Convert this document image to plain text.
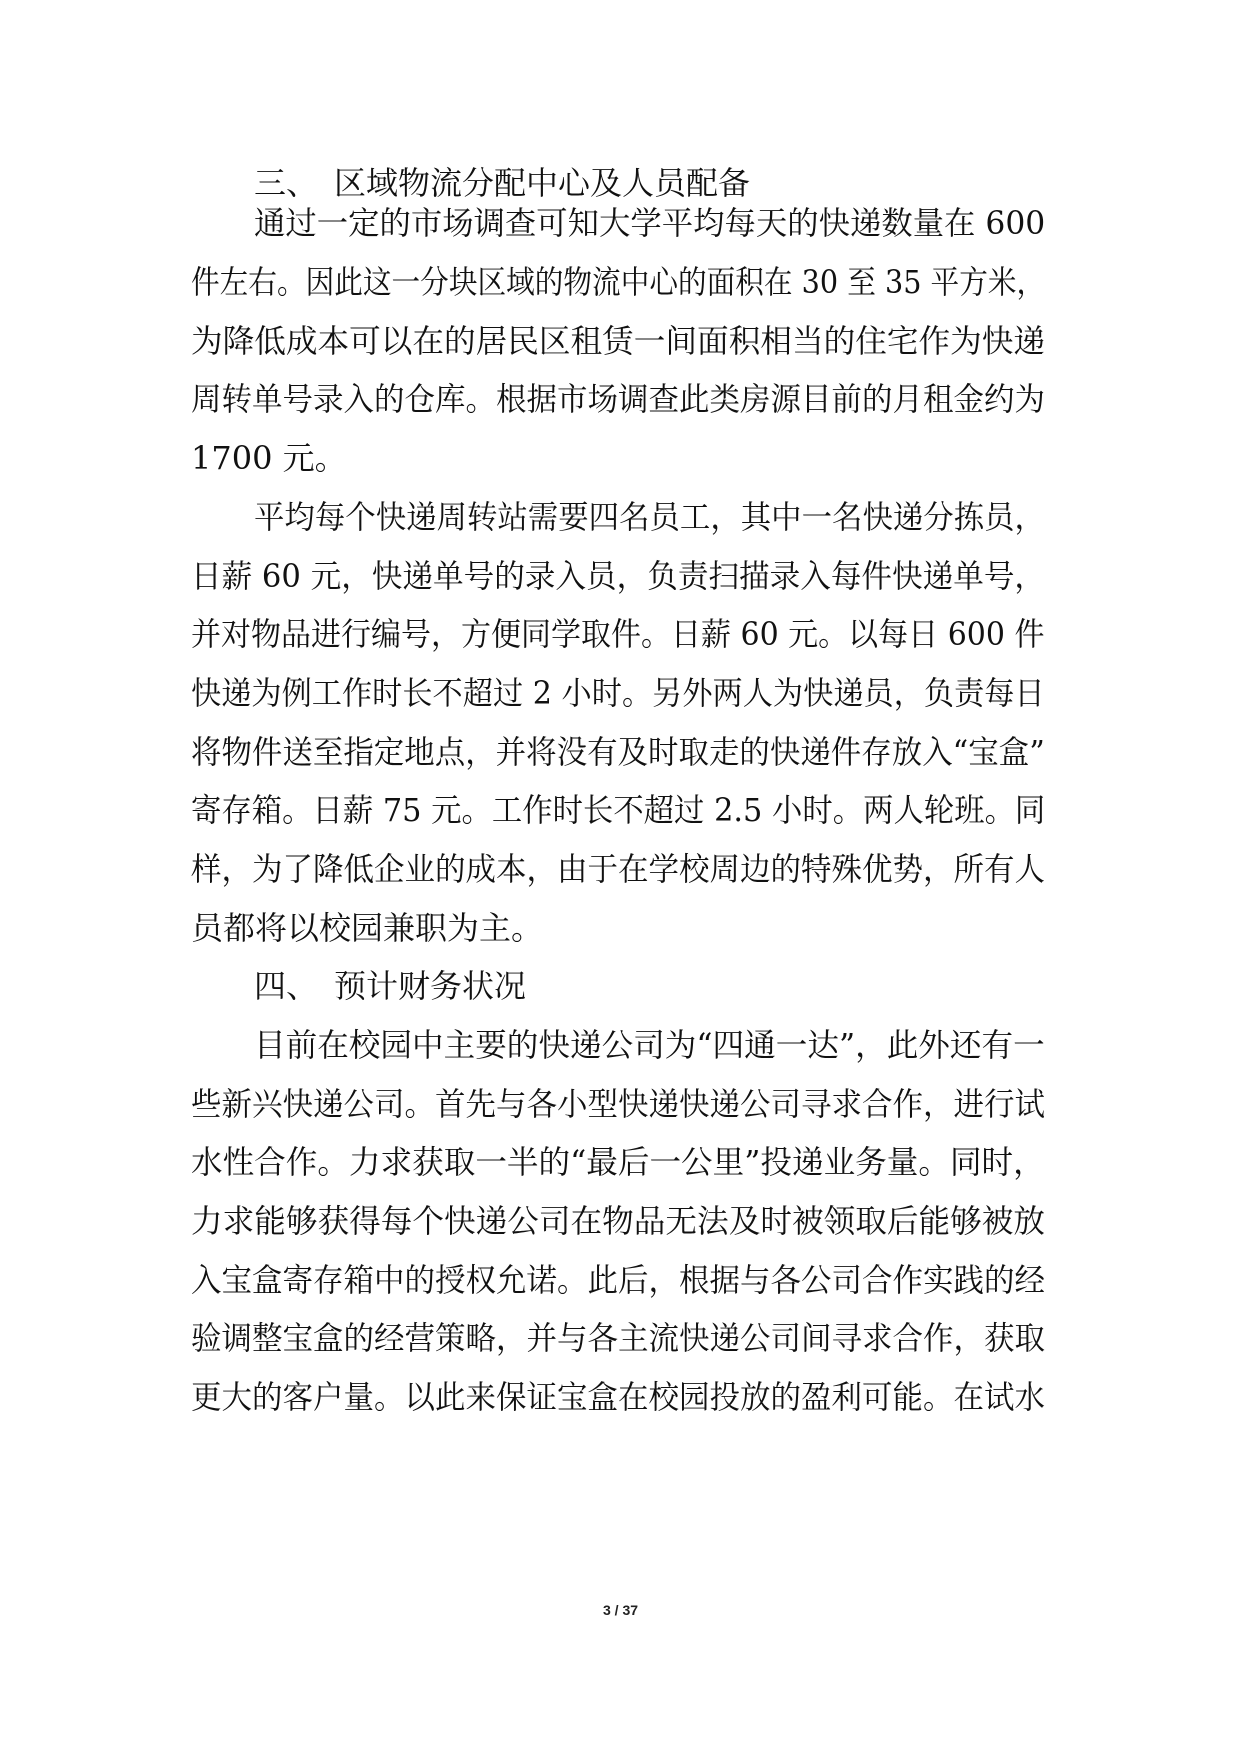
三、　区域物流分配中心及人员配备
通过一定的市场调查可知大学平均每天的快递数量在 600
件左右。因此这一分块区域的物流中心的面积在 30 至 35 平方米，
为降低成本可以在的居民区租赁一间面积相当的住宅作为快递
周转单号录入的仓库。根据市场调查此类房源目前的月租金约为
1700 元。
平均每个快递周转站需要四名员工，其中一名快递分拣员，
日薪 60 元，快递单号的录入员，负责扫描录入每件快递单号，
并对物品进行编号，方便同学取件。日薪 60 元。以每日 600 件
快递为例工作时长不超过 2 小时。另外两人为快递员，负责每日
将物件送至指定地点，并将没有及时取走的快递件存放入“宝盒”
寄存箱。日薪 75 元。工作时长不超过 2.5 小时。两人轮班。同
样，为了降低企业的成本，由于在学校周边的特殊优势，所有人
员都将以校园兼职为主。
四、　预计财务状况
目前在校园中主要的快递公司为“四通一达”，此外还有一
些新兴快递公司。首先与各小型快递快递公司寻求合作，进行试
水性合作。力求获取一半的“最后一公里”投递业务量。同时，
力求能够获得每个快递公司在物品无法及时被领取后能够被放
入宝盒寄存箱中的授权允诺。此后，根据与各公司合作实践的经
验调整宝盒的经营策略，并与各主流快递公司间寻求合作，获取
更大的客户量。以此来保证宝盒在校园投放的盈利可能。在试水
3 / 37
